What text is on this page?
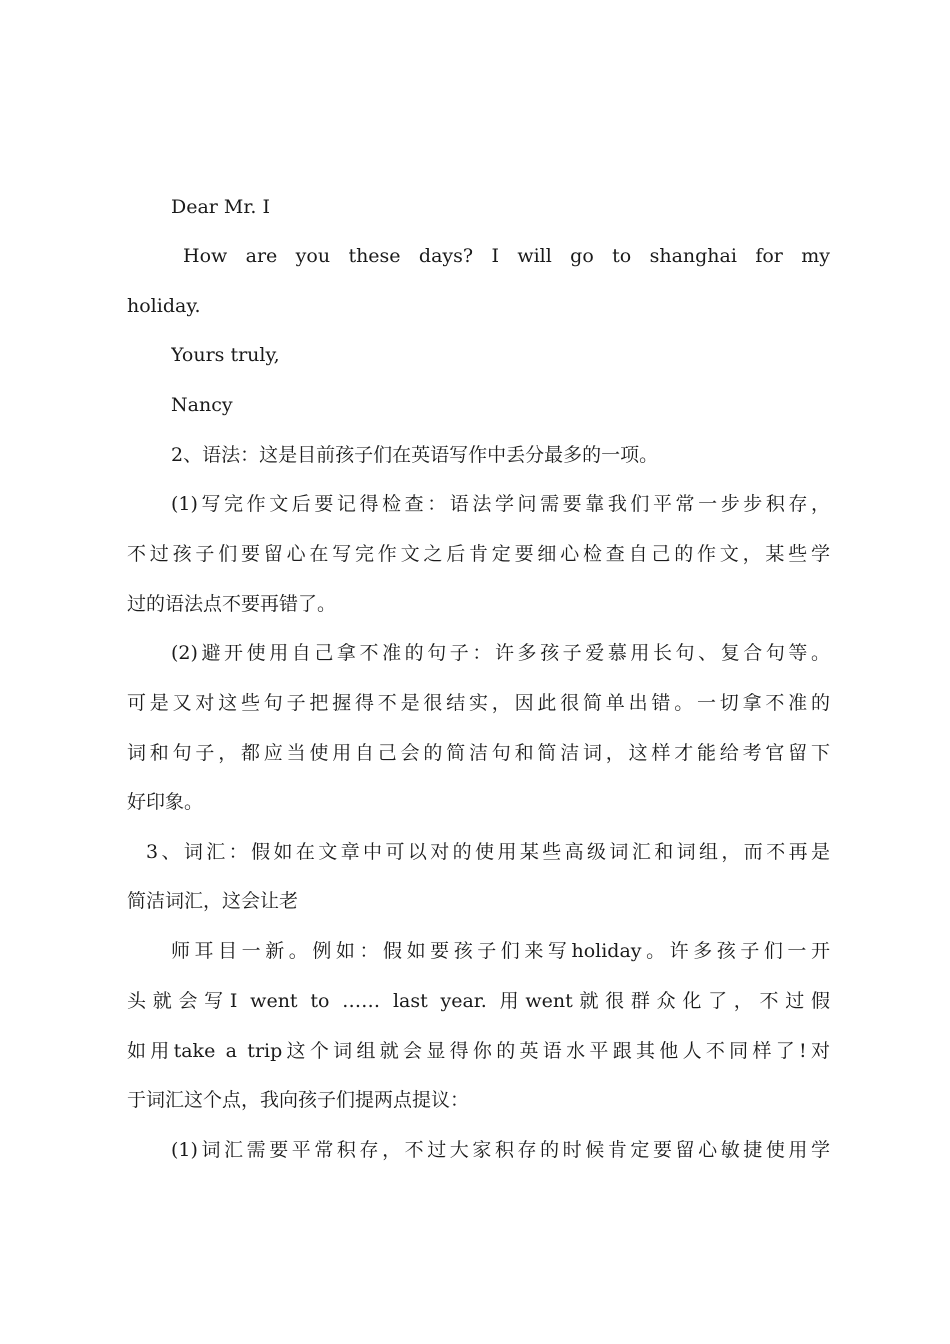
Dear Mr. I
How are you these days? I will go to shanghai for my
holiday.
Yours truly,
Nancy
2、语法：这是目前孩子们在英语写作中丢分最多的一项。
(1)写完作文后要记得检查：语法学问需要靠我们平常一步步积存，
不过孩子们要留心在写完作文之后肯定要细心检查自己的作文，某些学
过的语法点不要再错了。
(2)避开使用自己拿不准的句子：许多孩子爱慕用长句、复合句等。
可是又对这些句子把握得不是很结实，因此很简单出错。一切拿不准的
词和句子，都应当使用自己会的简洁句和简洁词，这样才能给考官留下
好印象。
3、词汇：假如在文章中可以对的使用某些高级词汇和词组，而不再是
简洁词汇，这会让老
师耳目一新。例如：假如要孩子们来写holiday。许多孩子们一开
头就会写I went to …… last year. 用went就很群众化了，不过假
如用take a trip这个词组就会显得你的英语水平跟其他人不同样了!对
于词汇这个点，我向孩子们提两点提议：
(1)词汇需要平常积存，不过大家积存的时候肯定要留心敏捷使用学
